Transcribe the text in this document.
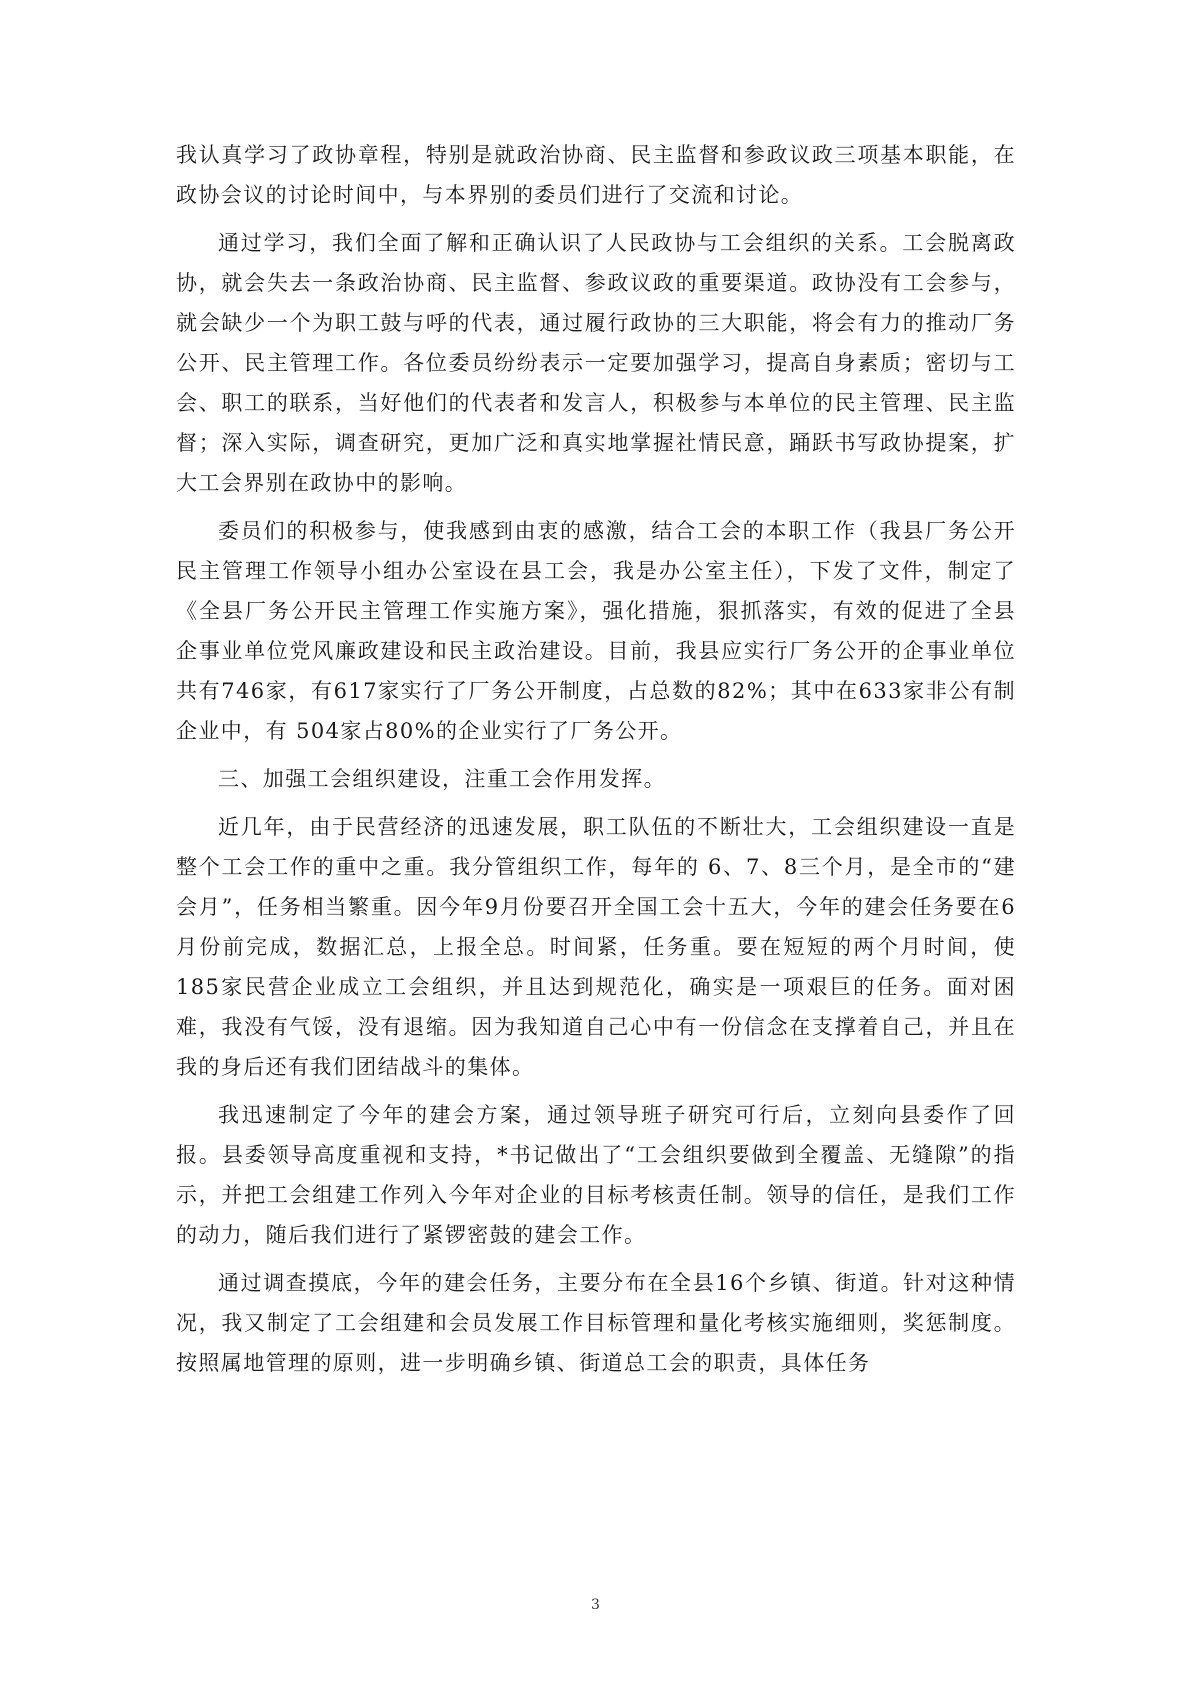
我认真学习了政协章程，特别是就政治协商、民主监督和参政议政三项基本职能，在政协会议的讨论时间中，与本界别的委员们进行了交流和讨论。

通过学习，我们全面了解和正确认识了人民政协与工会组织的关系。工会脱离政协，就会失去一条政治协商、民主监督、参政议政的重要渠道。政协没有工会参与，就会缺少一个为职工鼓与呼的代表，通过履行政协的三大职能，将会有力的推动厂务公开、民主管理工作。各位委员纷纷表示一定要加强学习，提高自身素质；密切与工会、职工的联系，当好他们的代表者和发言人，积极参与本单位的民主管理、民主监督；深入实际，调查研究，更加广泛和真实地掌握社情民意，踊跃书写政协提案，扩大工会界别在政协中的影响。

委员们的积极参与，使我感到由衷的感激，结合工会的本职工作（我县厂务公开民主管理工作领导小组办公室设在县工会，我是办公室主任），下发了文件，制定了《全县厂务公开民主管理工作实施方案》，强化措施，狠抓落实，有效的促进了全县企事业单位党风廉政建设和民主政治建设。目前，我县应实行厂务公开的企事业单位共有746家，有617家实行了厂务公开制度，占总数的82%；其中在633家非公有制企业中，有 504家占80%的企业实行了厂务公开。

三、加强工会组织建设，注重工会作用发挥。

近几年，由于民营经济的迅速发展，职工队伍的不断壮大，工会组织建设一直是整个工会工作的重中之重。我分管组织工作，每年的 6、7、8三个月，是全市的“建会月”，任务相当繁重。因今年9月份要召开全国工会十五大，今年的建会任务要在6月份前完成，数据汇总，上报全总。时间紧，任务重。要在短短的两个月时间，使185家民营企业成立工会组织，并且达到规范化，确实是一项艰巨的任务。面对困难，我没有气馁，没有退缩。因为我知道自己心中有一份信念在支撑着自己，并且在我的身后还有我们团结战斗的集体。

我迅速制定了今年的建会方案，通过领导班子研究可行后，立刻向县委作了回报。县委领导高度重视和支持，*书记做出了“工会组织要做到全覆盖、无缝隙”的指示，并把工会组建工作列入今年对企业的目标考核责任制。领导的信任，是我们工作的动力，随后我们进行了紧锣密鼓的建会工作。

通过调查摸底，今年的建会任务，主要分布在全县16个乡镇、街道。针对这种情况，我又制定了工会组建和会员发展工作目标管理和量化考核实施细则，奖惩制度。按照属地管理的原则，进一步明确乡镇、街道总工会的职责，具体任务

3
